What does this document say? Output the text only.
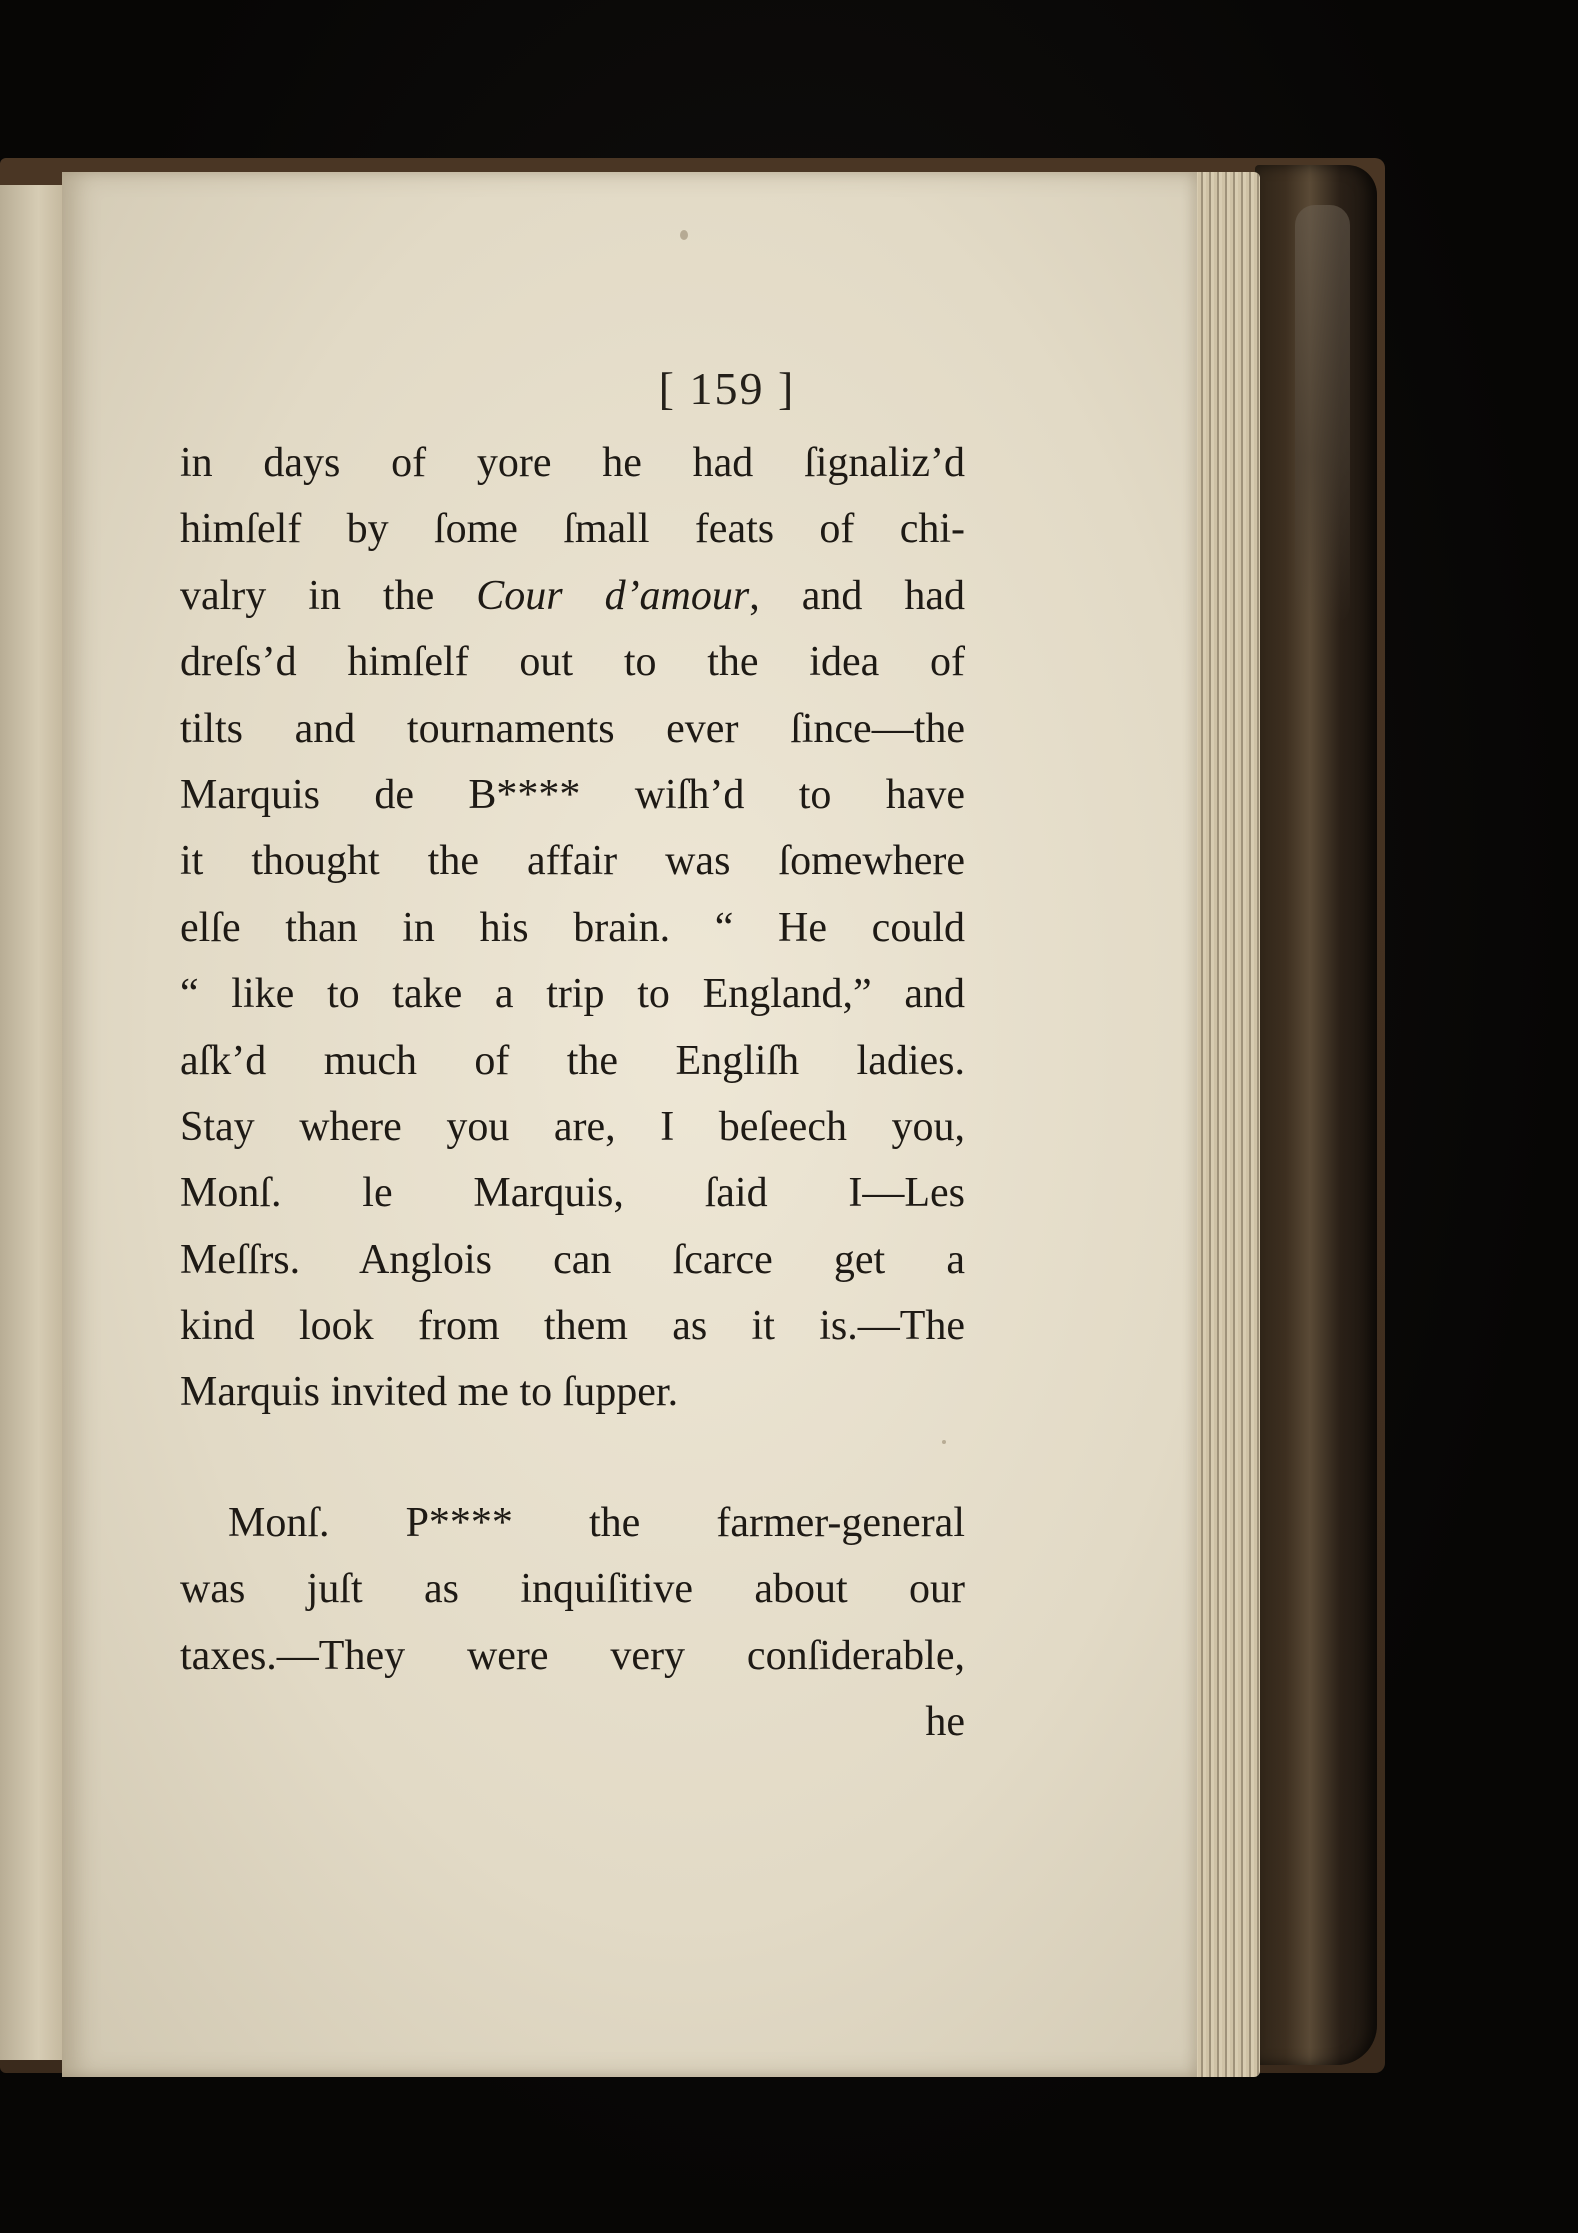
[ 159 ]
in days of yore he had ſignaliz’d
himſelf by ſome ſmall feats of chi-
valry in the Cour d’amour, and had
dreſs’d himſelf out to the idea of
tilts and tournaments ever ſince—the
Marquis de B**** wiſh’d to have
it thought the affair was ſomewhere
elſe than in his brain. “ He could
“ like to take a trip to England,” and
aſk’d much of the Engliſh ladies.
Stay where you are, I beſeech you,
Monſ. le Marquis, ſaid I—Les
Meſſrs. Anglois can ſcarce get a
kind look from them as it is.—The
Marquis invited me to ſupper.
Monſ. P**** the farmer-general
was juſt as inquiſitive about our
taxes.—They were very conſiderable,
he
